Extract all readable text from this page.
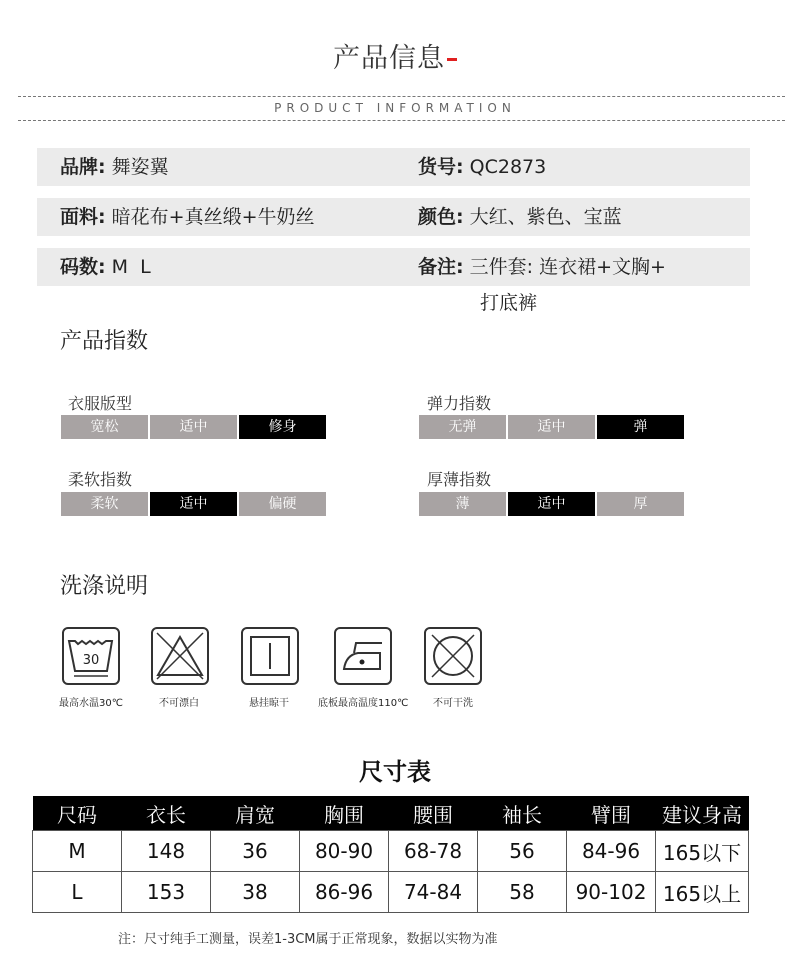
产品信息
PRODUCT INFORMATION
品牌: 舞姿翼	货号: QC2873
面料: 暗花布+真丝缎+牛奶丝	颜色: 大红、紫色、宝蓝
码数: M  L	备注: 三件套: 连衣裙+文胸+
打底裤
产品指数
衣服版型
宽松	适中	修身
弹力指数
无弹	适中	弹
柔软指数
柔软	适中	偏硬
厚薄指数
薄	适中	厚
洗涤说明
30
最高水温30℃	不可漂白	悬挂晾干	底板最高温度110℃ 不可干洗
尺寸表
尺码	衣长	肩宽	胸围	腰围	袖长	臂围	建议身高
M	148	36	80-90	68-78	56	84-96	165以下
L	153	38	86-96	74-84	58	90-102	165以上
注：尺寸纯手工测量，误差1-3CM属于正常现象，数据以实物为准
